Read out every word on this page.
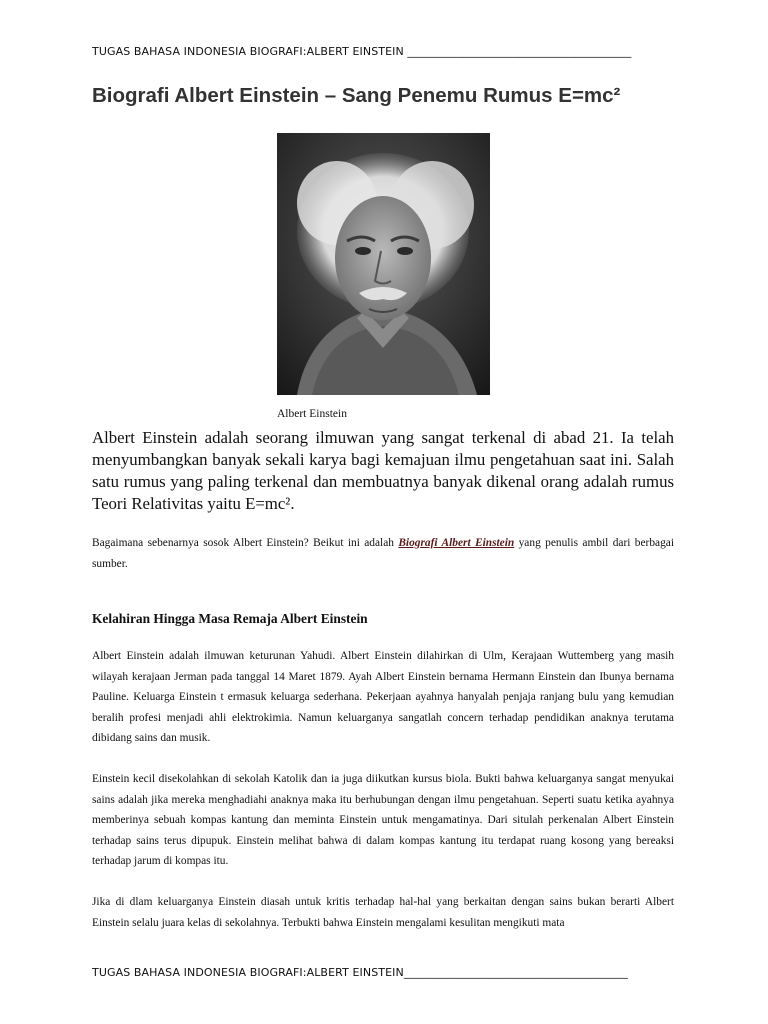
TUGAS BAHASA INDONESIA BIOGRAFI:ALBERT EINSTEIN ________________________________________
Biografi Albert Einstein – Sang Penemu Rumus E=mc²
Albert Einstein

Albert Einstein adalah seorang ilmuwan yang sangat terkenal di abad 21. Ia telah menyumbangkan banyak sekali karya bagi kemajuan ilmu pengetahuan saat ini. Salah satu rumus yang paling terkenal dan membuatnya banyak dikenal orang adalah rumus Teori Relativitas yaitu E=mc².

Bagaimana sebenarnya sosok Albert Einstein? Beikut ini adalah Biografi Albert Einstein yang penulis ambil dari berbagai sumber.

Kelahiran Hingga Masa Remaja Albert Einstein

Albert Einstein adalah ilmuwan keturunan Yahudi. Albert Einstein dilahirkan di Ulm, Kerajaan Wuttemberg yang masih wilayah kerajaan Jerman pada tanggal 14 Maret 1879. Ayah Albert Einstein bernama Hermann Einstein dan Ibunya bernama Pauline. Keluarga Einstein t ermasuk keluarga sederhana. Pekerjaan ayahnya hanyalah penjaja ranjang bulu yang kemudian beralih profesi menjadi ahli elektrokimia. Namun keluarganya sangatlah concern terhadap pendidikan anaknya terutama dibidang sains dan musik.

Einstein kecil disekolahkan di sekolah Katolik dan ia juga diikutkan kursus biola. Bukti bahwa keluarganya sangat menyukai sains adalah jika mereka menghadiahi anaknya maka itu berhubungan dengan ilmu pengetahuan. Seperti suatu ketika ayahnya memberinya sebuah kompas kantung dan meminta Einstein untuk mengamatinya. Dari situlah perkenalan Albert Einstein terhadap sains terus dipupuk. Einstein melihat bahwa di dalam kompas kantung itu terdapat ruang kosong yang bereaksi terhadap jarum di kompas itu.

Jika di dlam keluarganya Einstein diasah untuk kritis terhadap hal-hal yang berkaitan dengan sains bukan berarti Albert Einstein selalu juara kelas di sekolahnya. Terbukti bahwa Einstein mengalami kesulitan mengikuti mata

TUGAS BAHASA INDONESIA BIOGRAFI:ALBERT EINSTEIN________________________________________
